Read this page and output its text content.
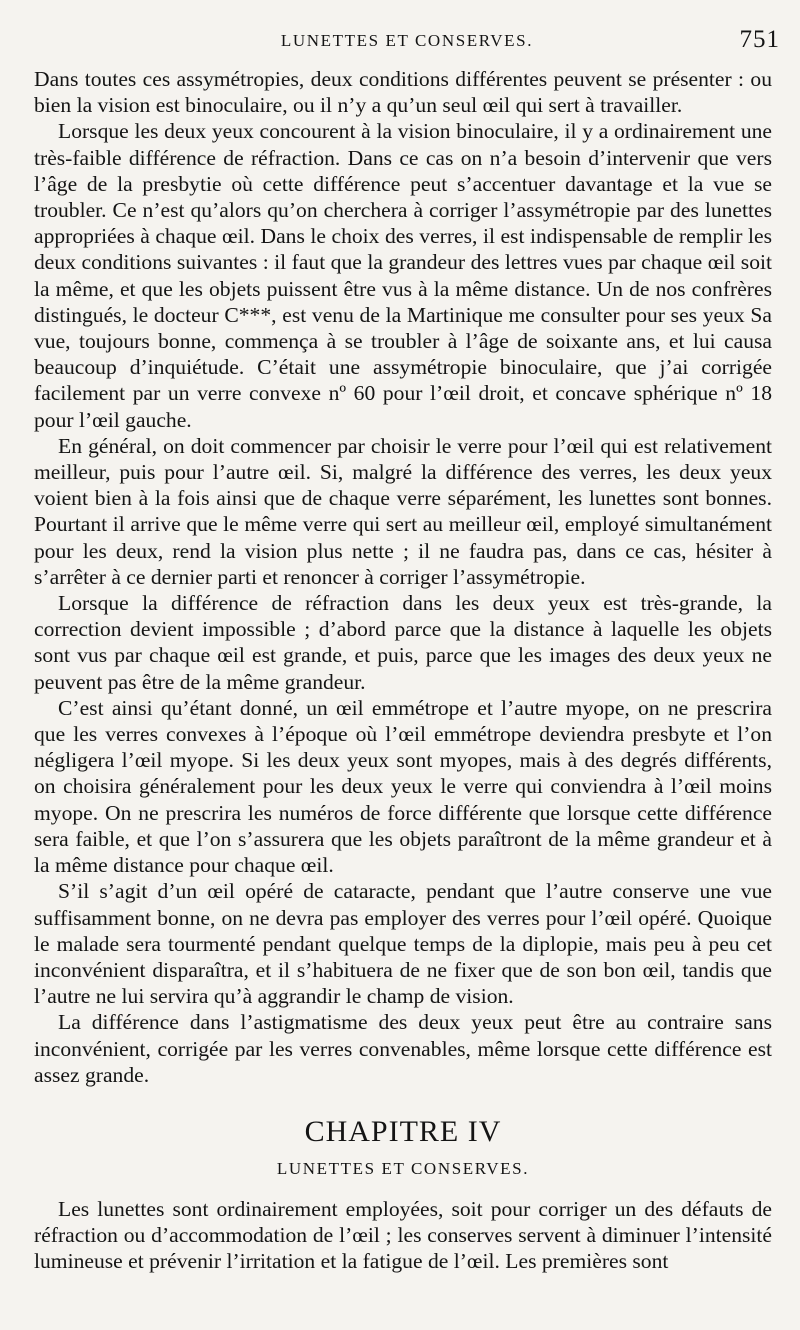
LUNETTES ET CONSERVES.	751

Dans toutes ces assymétropies, deux conditions différentes peuvent se présenter : ou bien la vision est binoculaire, ou il n’y a qu’un seul œil qui sert à travailler.

Lorsque les deux yeux concourent à la vision binoculaire, il y a ordinairement une très-faible différence de réfraction. Dans ce cas on n’a besoin d’intervenir que vers l’âge de la presbytie où cette différence peut s’accentuer davantage et la vue se troubler. Ce n’est qu’alors qu’on cherchera à corriger l’assymétropie par des lunettes appropriées à chaque œil. Dans le choix des verres, il est indispensable de remplir les deux conditions suivantes : il faut que la grandeur des lettres vues par chaque œil soit la même, et que les objets puissent être vus à la même distance. Un de nos confrères distingués, le docteur C***, est venu de la Martinique me consulter pour ses yeux Sa vue, toujours bonne, commença à se troubler à l’âge de soixante ans, et lui causa beaucoup d’inquiétude. C’était une assymétropie binoculaire, que j’ai corrigée facilement par un verre convexe nº 60 pour l’œil droit, et concave sphérique nº 18 pour l’œil gauche.

En général, on doit commencer par choisir le verre pour l’œil qui est relativement meilleur, puis pour l’autre œil. Si, malgré la différence des verres, les deux yeux voient bien à la fois ainsi que de chaque verre séparément, les lunettes sont bonnes. Pourtant il arrive que le même verre qui sert au meilleur œil, employé simultanément pour les deux, rend la vision plus nette ; il ne faudra pas, dans ce cas, hésiter à s’arrêter à ce dernier parti et renoncer à corriger l’assymétropie.

Lorsque la différence de réfraction dans les deux yeux est très-grande, la correction devient impossible ; d’abord parce que la distance à laquelle les objets sont vus par chaque œil est grande, et puis, parce que les images des deux yeux ne peuvent pas être de la même grandeur.

C’est ainsi qu’étant donné, un œil emmétrope et l’autre myope, on ne prescrira que les verres convexes à l’époque où l’œil emmétrope deviendra presbyte et l’on négligera l’œil myope. Si les deux yeux sont myopes, mais à des degrés différents, on choisira généralement pour les deux yeux le verre qui conviendra à l’œil moins myope. On ne prescrira les numéros de force différente que lorsque cette différence sera faible, et que l’on s’assurera que les objets paraîtront de la même grandeur et à la même distance pour chaque œil.

S’il s’agit d’un œil opéré de cataracte, pendant que l’autre conserve une vue suffisamment bonne, on ne devra pas employer des verres pour l’œil opéré. Quoique le malade sera tourmenté pendant quelque temps de la diplopie, mais peu à peu cet inconvénient disparaîtra, et il s’habituera de ne fixer que de son bon œil, tandis que l’autre ne lui servira qu’à aggrandir le champ de vision.

La différence dans l’astigmatisme des deux yeux peut être au contraire sans inconvénient, corrigée par les verres convenables, même lorsque cette différence est assez grande.

CHAPITRE IV
LUNETTES ET CONSERVES.

Les lunettes sont ordinairement employées, soit pour corriger un des défauts de réfraction ou d’accommodation de l’œil ; les conserves servent à diminuer l’intensité lumineuse et prévenir l’irritation et la fatigue de l’œil. Les premières sont
